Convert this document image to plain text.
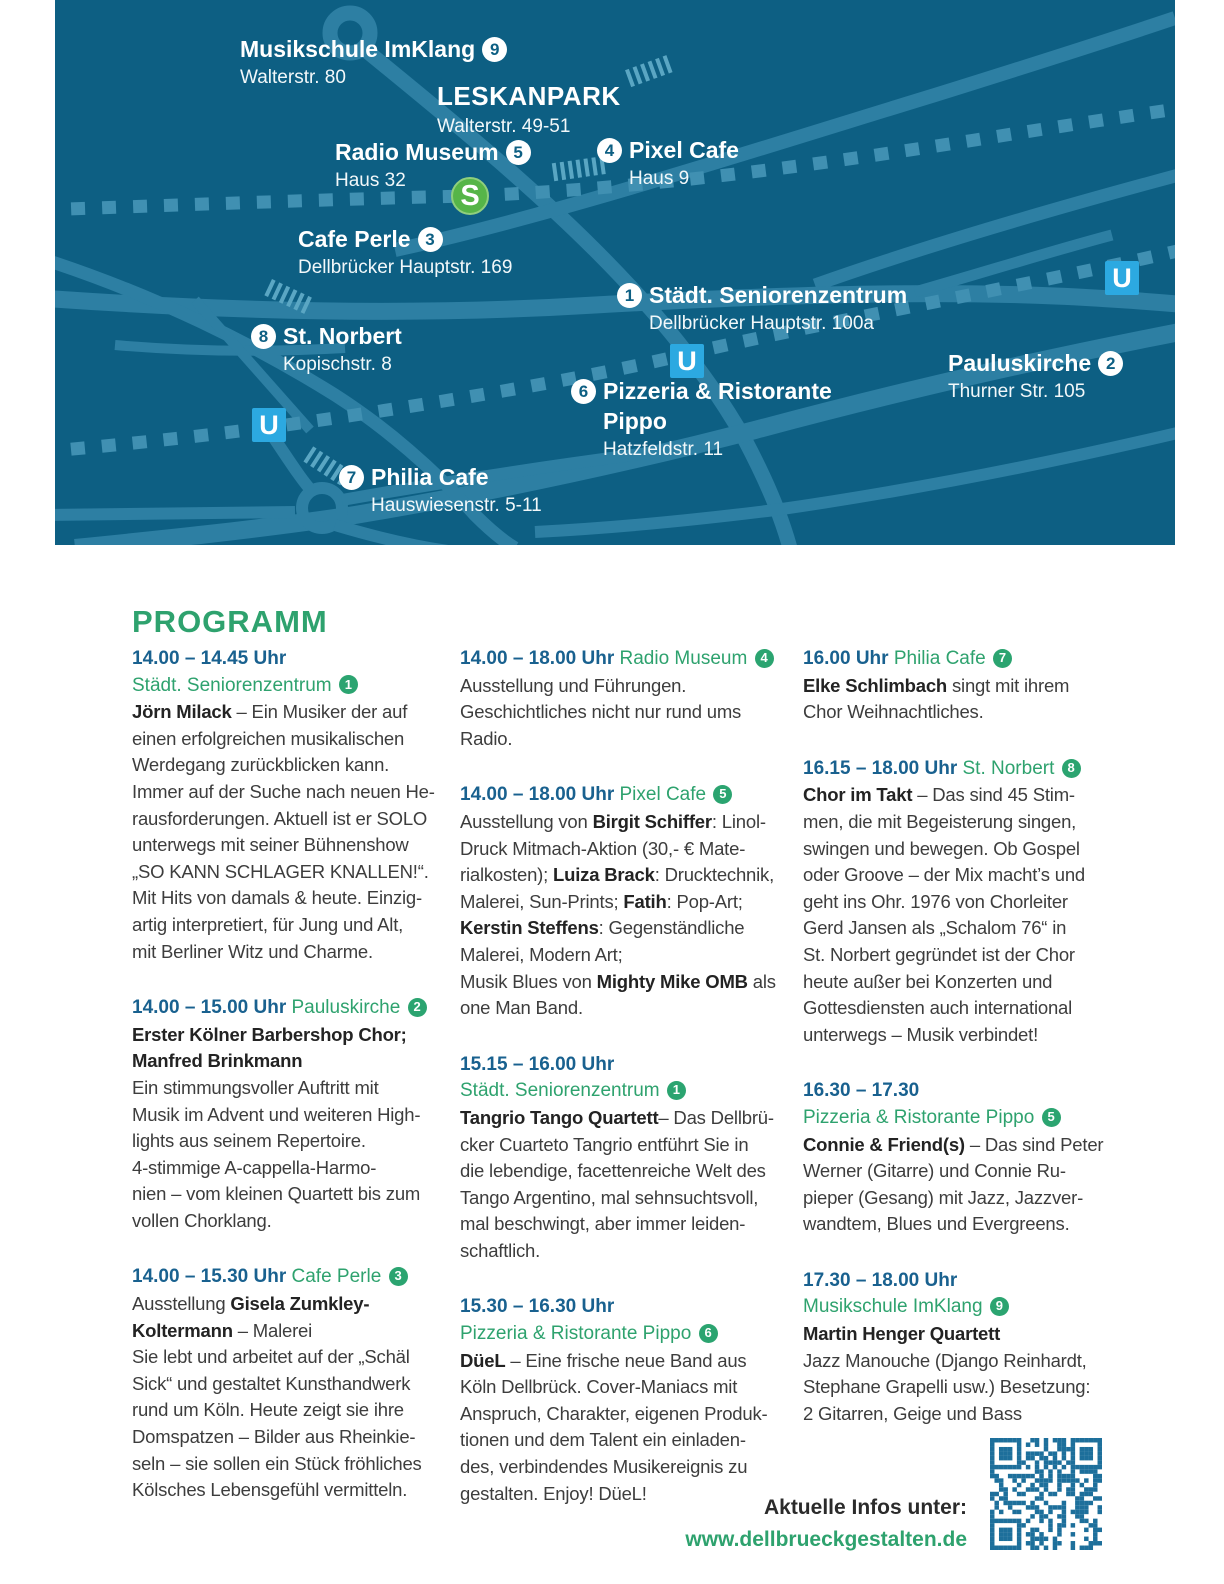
Musikschule ImKlang 9
Walterstr. 80
LESKANPARK
Walterstr. 49-51
Radio Museum 5
Haus 32
4 Pixel Cafe
Haus 9
Cafe Perle 3
Dellbrücker Hauptstr. 169
1 Städt. Seniorenzentrum
Dellbrücker Hauptstr. 100a
8 St. Norbert
Kopischstr. 8	Pauluskirche 2
Thurner Str. 105
6 Pizzeria & Ristorante
Pippo
Hatzfeldstr. 11
7 Philia Cafe
Hauswiesenstr. 5-11
U
U
U
S
PROGRAMM
14.00 – 14.45 Uhr
Städt. Seniorenzentrum 1
Jörn Milack – Ein Musiker der auf
einen erfolgreichen musikalischen
Werdegang zurückblicken kann.
Immer auf der Suche nach neuen He-
rausforderungen. Aktuell ist er SOLO
unterwegs mit seiner Bühnenshow
„SO KANN SCHLAGER KNALLEN!“.
Mit Hits von damals & heute. Einzig-
artig interpretiert, für Jung und Alt,
mit Berliner Witz und Charme.
14.00 – 15.00 Uhr Pauluskirche 2
Erster Kölner Barbershop Chor;
Manfred Brinkmann
Ein stimmungsvoller Auftritt mit
Musik im Advent und weiteren High-
lights aus seinem Repertoire.
4-stimmige A-cappella-Harmo-
nien – vom kleinen Quartett bis zum
vollen Chorklang.
14.00 – 15.30 Uhr Cafe Perle 3
Ausstellung Gisela Zumkley-
Koltermann – Malerei
Sie lebt und arbeitet auf der „Schäl
Sick“ und gestaltet Kunsthandwerk
rund um Köln. Heute zeigt sie ihre
Domspatzen – Bilder aus Rheinkie-
seln – sie sollen ein Stück fröhliches
Kölsches Lebensgefühl vermitteln.
14.00 – 18.00 Uhr Radio Museum 4
Ausstellung und Führungen.
Geschichtliches nicht nur rund ums
Radio.
14.00 – 18.00 Uhr Pixel Cafe 5
Ausstellung von Birgit Schiffer: Linol-
Druck Mitmach-Aktion (30,- € Mate-
rialkosten); Luiza Brack: Drucktechnik,
Malerei, Sun-Prints; Fatih: Pop-Art;
Kerstin Steffens: Gegenständliche
Malerei, Modern Art;
Musik Blues von Mighty Mike OMB als
one Man Band.
15.15 – 16.00 Uhr
Städt. Seniorenzentrum 1
Tangrio Tango Quartett– Das Dellbrü-
cker Cuarteto Tangrio entführt Sie in
die lebendige, facettenreiche Welt des
Tango Argentino, mal sehnsuchtsvoll,
mal beschwingt, aber immer leiden-
schaftlich.
15.30 – 16.30 Uhr
Pizzeria & Ristorante Pippo 6
DüeL – Eine frische neue Band aus
Köln Dellbrück. Cover-Maniacs mit
Anspruch, Charakter, eigenen Produk-
tionen und dem Talent ein einladen-
des, verbindendes Musikereignis zu
gestalten. Enjoy! DüeL!
16.00 Uhr Philia Cafe 7
Elke Schlimbach singt mit ihrem
Chor Weihnachtliches.
16.15 – 18.00 Uhr St. Norbert 8
Chor im Takt – Das sind 45 Stim-
men, die mit Begeisterung singen,
swingen und bewegen. Ob Gospel
oder Groove – der Mix macht’s und
geht ins Ohr. 1976 von Chorleiter
Gerd Jansen als „Schalom 76“ in
St. Norbert gegründet ist der Chor
heute außer bei Konzerten und
Gottesdiensten auch international
unterwegs – Musik verbindet!
16.30 – 17.30
Pizzeria & Ristorante Pippo 5
Connie & Friend(s) – Das sind Peter
Werner (Gitarre) und Connie Ru-
pieper (Gesang) mit Jazz, Jazzver-
wandtem, Blues und Evergreens.
17.30 – 18.00 Uhr
Musikschule ImKlang 9
Martin Henger Quartett
Jazz Manouche (Django Reinhardt,
Stephane Grapelli usw.) Besetzung:
2 Gitarren, Geige und Bass
Aktuelle Infos unter:
www.dellbrueckgestalten.de
